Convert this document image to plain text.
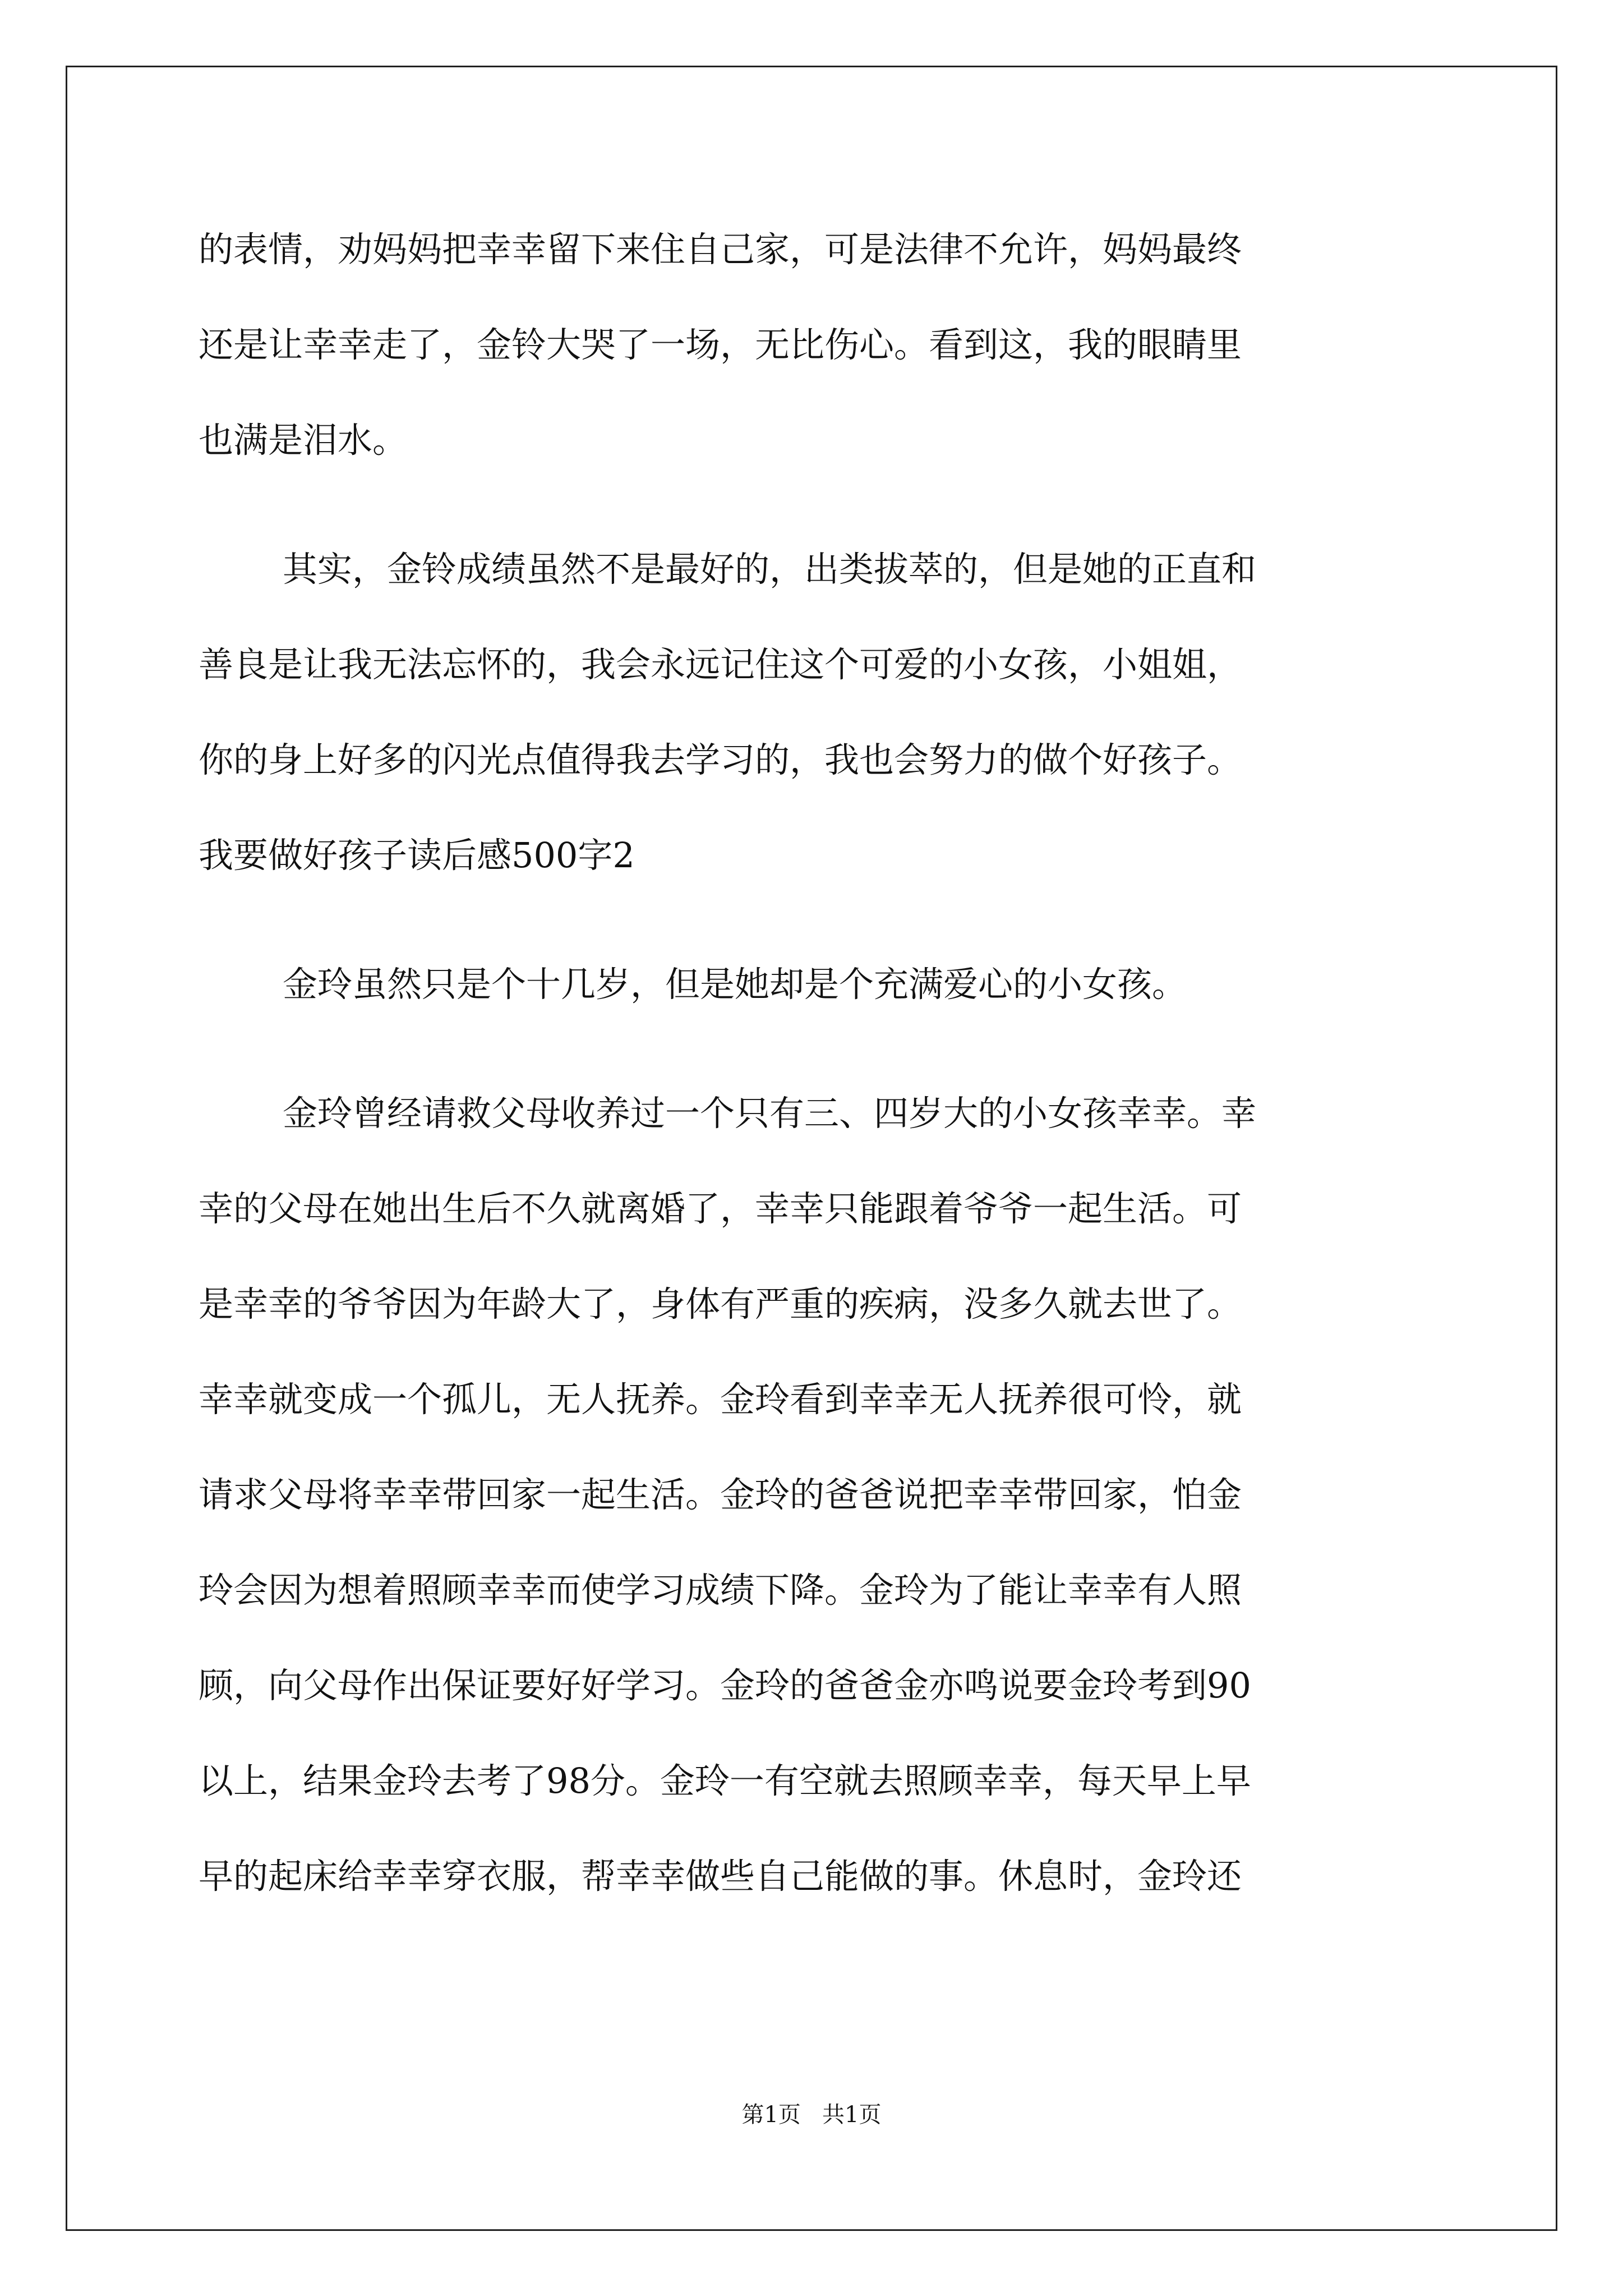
的表情，劝妈妈把幸幸留下来住自己家，可是法律不允许，妈妈最终
还是让幸幸走了，金铃大哭了一场，无比伤心。看到这，我的眼睛里
也满是泪水。
其实，金铃成绩虽然不是最好的，出类拔萃的，但是她的正直和
善良是让我无法忘怀的，我会永远记住这个可爱的小女孩，小姐姐，
你的身上好多的闪光点值得我去学习的，我也会努力的做个好孩子。
我要做好孩子读后感500字2
金玲虽然只是个十几岁，但是她却是个充满爱心的小女孩。
金玲曾经请救父母收养过一个只有三、四岁大的小女孩幸幸。幸
幸的父母在她出生后不久就离婚了，幸幸只能跟着爷爷一起生活。可
是幸幸的爷爷因为年龄大了，身体有严重的疾病，没多久就去世了。
幸幸就变成一个孤儿，无人抚养。金玲看到幸幸无人抚养很可怜，就
请求父母将幸幸带回家一起生活。金玲的爸爸说把幸幸带回家，怕金
玲会因为想着照顾幸幸而使学习成绩下降。金玲为了能让幸幸有人照
顾，向父母作出保证要好好学习。金玲的爸爸金亦鸣说要金玲考到90
以上，结果金玲去考了98分。金玲一有空就去照顾幸幸，每天早上早
早的起床给幸幸穿衣服，帮幸幸做些自己能做的事。休息时，金玲还
第1页   共1页
